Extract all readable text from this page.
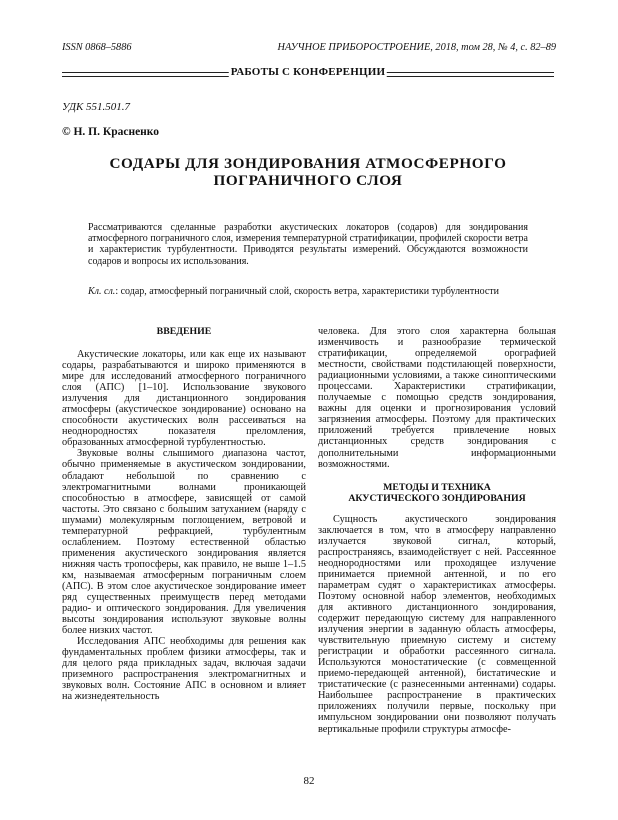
ISSN 0868–5886	НАУЧНОЕ ПРИБОРОСТРОЕНИЕ, 2018, том 28, № 4, с. 82–89
РАБОТЫ С КОНФЕРЕНЦИИ
УДК 551.501.7
© Н. П. Красненко
СОДАРЫ ДЛЯ ЗОНДИРОВАНИЯ АТМОСФЕРНОГО
ПОГРАНИЧНОГО СЛОЯ
Рассматриваются сделанные разработки акустических локаторов (содаров) для зондирования атмосферного пограничного слоя, измерения температурной стратификации, профилей скорости ветра и характеристик турбулентности. Приводятся результаты измерений. Обсуждаются возможности содаров и вопросы их использования.
Кл. сл.: содар, атмосферный пограничный слой, скорость ветра, характеристики турбулентности
ВВЕДЕНИЕ

Акустические локаторы, или как еще их называют содары, разрабатываются и широко применяются в мире для исследований атмосферного пограничного слоя (АПС) [1–10]. Использование звукового излучения для дистанционного зондирования атмосферы (акустическое зондирование) основано на способности акустических волн рассеиваться на неоднородностях показателя преломления, образованных атмосферной турбулентностью.

Звуковые волны слышимого диапазона частот, обычно применяемые в акустическом зондировании, обладают небольшой по сравнению с электромагнитными волнами проникающей способностью в атмосфере, зависящей от самой частоты. Это связано с большим затуханием (наряду с шумами) молекулярным поглощением, ветровой и температурной рефракцией, турбулентным ослаблением. Поэтому естественной областью применения акустического зондирования является нижняя часть тропосферы, как правило, не выше 1–1.5 км, называемая атмосферным пограничным слоем (АПС). В этом слое акустическое зондирование имеет ряд существенных преимуществ перед методами радио- и оптического зондирования. Для увеличения высоты зондирования используют звуковые волны более низких частот.

Исследования АПС необходимы для решения как фундаментальных проблем физики атмосферы, так и для целого ряда прикладных задач, включая задачи приземного распространения электромагнитных и звуковых волн. Состояние АПС в основном и влияет на жизнедеятельность

человека. Для этого слоя характерна большая изменчивость и разнообразие термической стратификации, определяемой орографией местности, свойствами подстилающей поверхности, радиационными условиями, а также синоптическими процессами. Характеристики стратификации, получаемые с помощью средств зондирования, важны для оценки и прогнозирования условий загрязнения атмосферы. Поэтому для практических приложений требуется привлечение новых дистанционных средств зондирования с дополнительными информационными возможностями.

МЕТОДЫ И ТЕХНИКА
АКУСТИЧЕСКОГО ЗОНДИРОВАНИЯ

Сущность акустического зондирования заключается в том, что в атмосферу направленно излучается звуковой сигнал, который, распространяясь, взаимодействует с ней. Рассеянное неоднородностями или проходящее излучение принимается приемной антенной, и по его параметрам судят о характеристиках атмосферы. Поэтому основной набор элементов, необходимых для активного дистанционного зондирования, содержит передающую систему для направленного излучения энергии в заданную область атмосферы, чувствительную приемную систему и систему регистрации и обработки рассеянного сигнала. Используются моностатические (с совмещенной приемо-передающей антенной), бистатические и тристатические (с разнесенными антеннами) содары. Наибольшее распространение в практических приложениях получили первые, поскольку при импульсном зондировании они позволяют получать вертикальные профили структуры атмосфе-

82
